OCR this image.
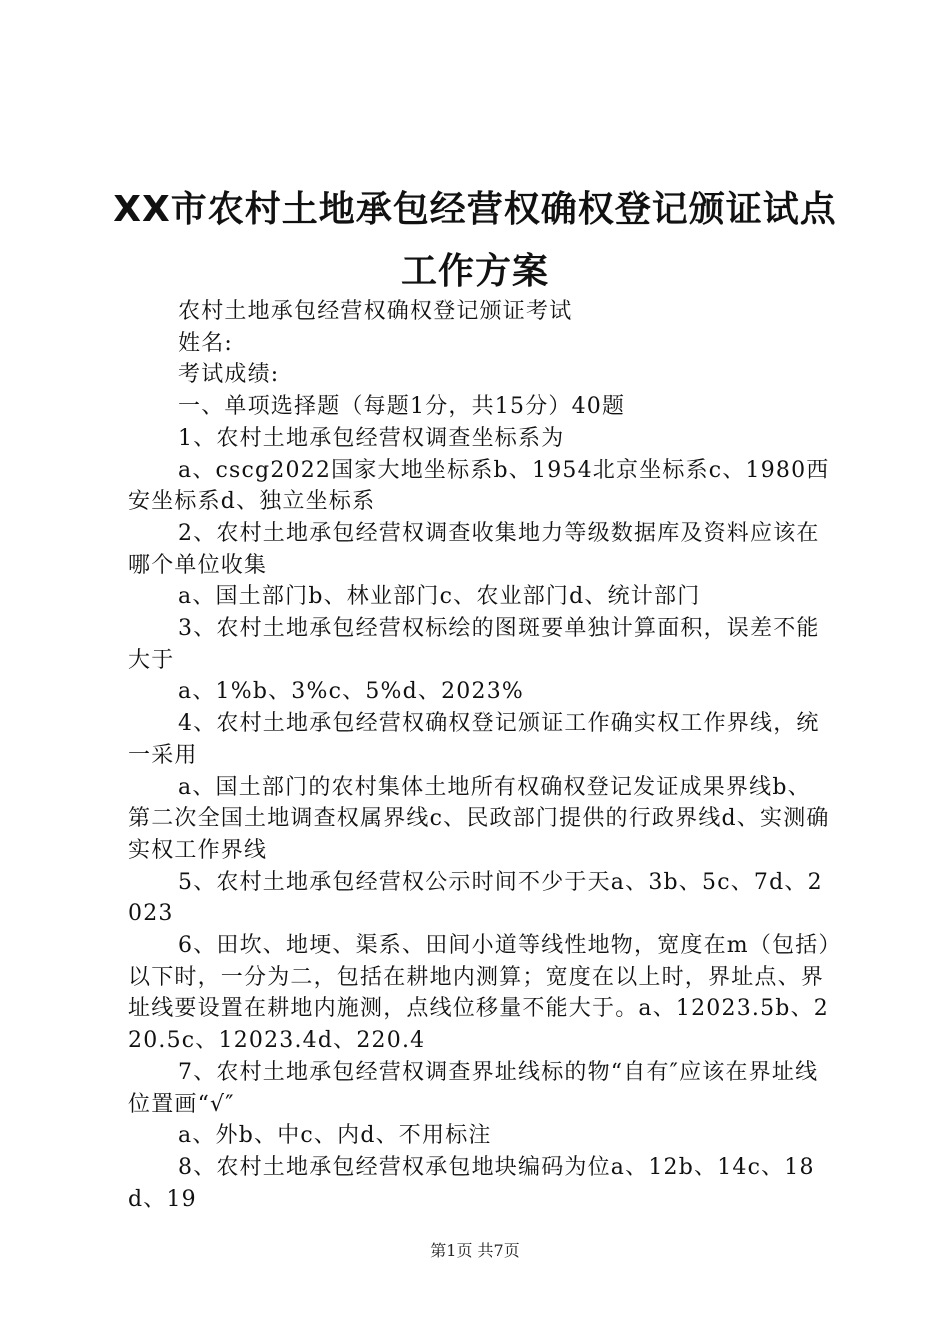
XX市农村土地承包经营权确权登记颁证试点
工作方案

农村土地承包经营权确权登记颁证考试

姓名:

考试成绩:

一、单项选择题（每题1分，共15分）40题

1、农村土地承包经营权调查坐标系为

a、cscg2022国家大地坐标系b、1954北京坐标系c、1980西安坐标系d、独立坐标系

2、农村土地承包经营权调查收集地力等级数据库及资料应该在哪个单位收集

a、国土部门b、林业部门c、农业部门d、统计部门

3、农村土地承包经营权标绘的图斑要单独计算面积，误差不能大于

a、1%b、3%c、5%d、2023%

4、农村土地承包经营权确权登记颁证工作确实权工作界线，统一采用

a、国土部门的农村集体土地所有权确权登记发证成果界线b、第二次全国土地调查权属界线c、民政部门提供的行政界线d、实测确实权工作界线

5、农村土地承包经营权公示时间不少于天a、3b、5c、7d、2023

6、田坎、地埂、渠系、田间小道等线性地物，宽度在m（包括）以下时，一分为二，包括在耕地内测算；宽度在以上时，界址点、界址线要设置在耕地内施测，点线位移量不能大于。a、12023.5b、220.5c、12023.4d、220.4

7、农村土地承包经营权调查界址线标的物“自有″应该在界址线位置画“√″

a、外b、中c、内d、不用标注

8、农村土地承包经营权承包地块编码为位a、12b、14c、18d、19

第1页 共7页
